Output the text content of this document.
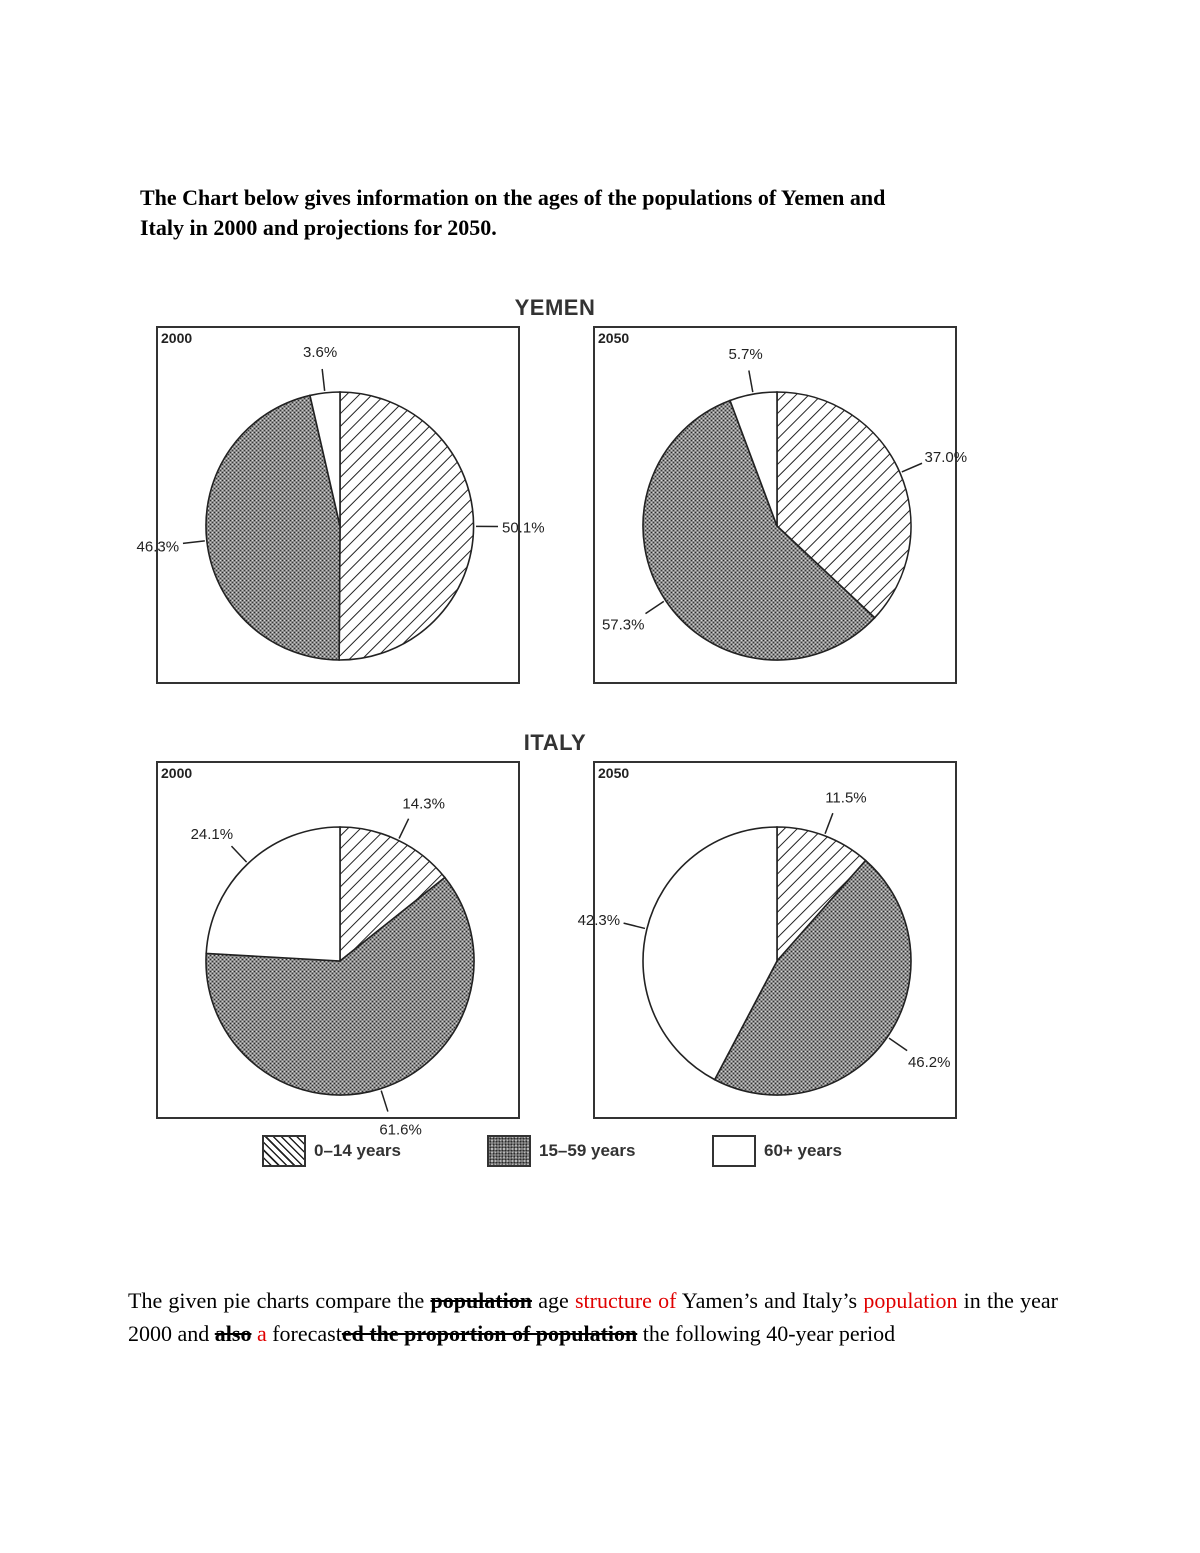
The Chart below gives information on the ages of the populations of Yemen and
Italy in 2000 and projections for 2050.

YEMEN
ITALY
50.1%
46.3%
3.6%
2000
37.0%
57.3%
5.7%
2050
14.3%
61.6%
24.1%
2000
11.5%
46.2%
42.3%
2050
0–14 years	15–59 years	60+ years

The given pie charts compare the population age structure of Yamen’s and Italy’s population in the year 2000 and also a forecasted the proportion of population the following 40-year period
